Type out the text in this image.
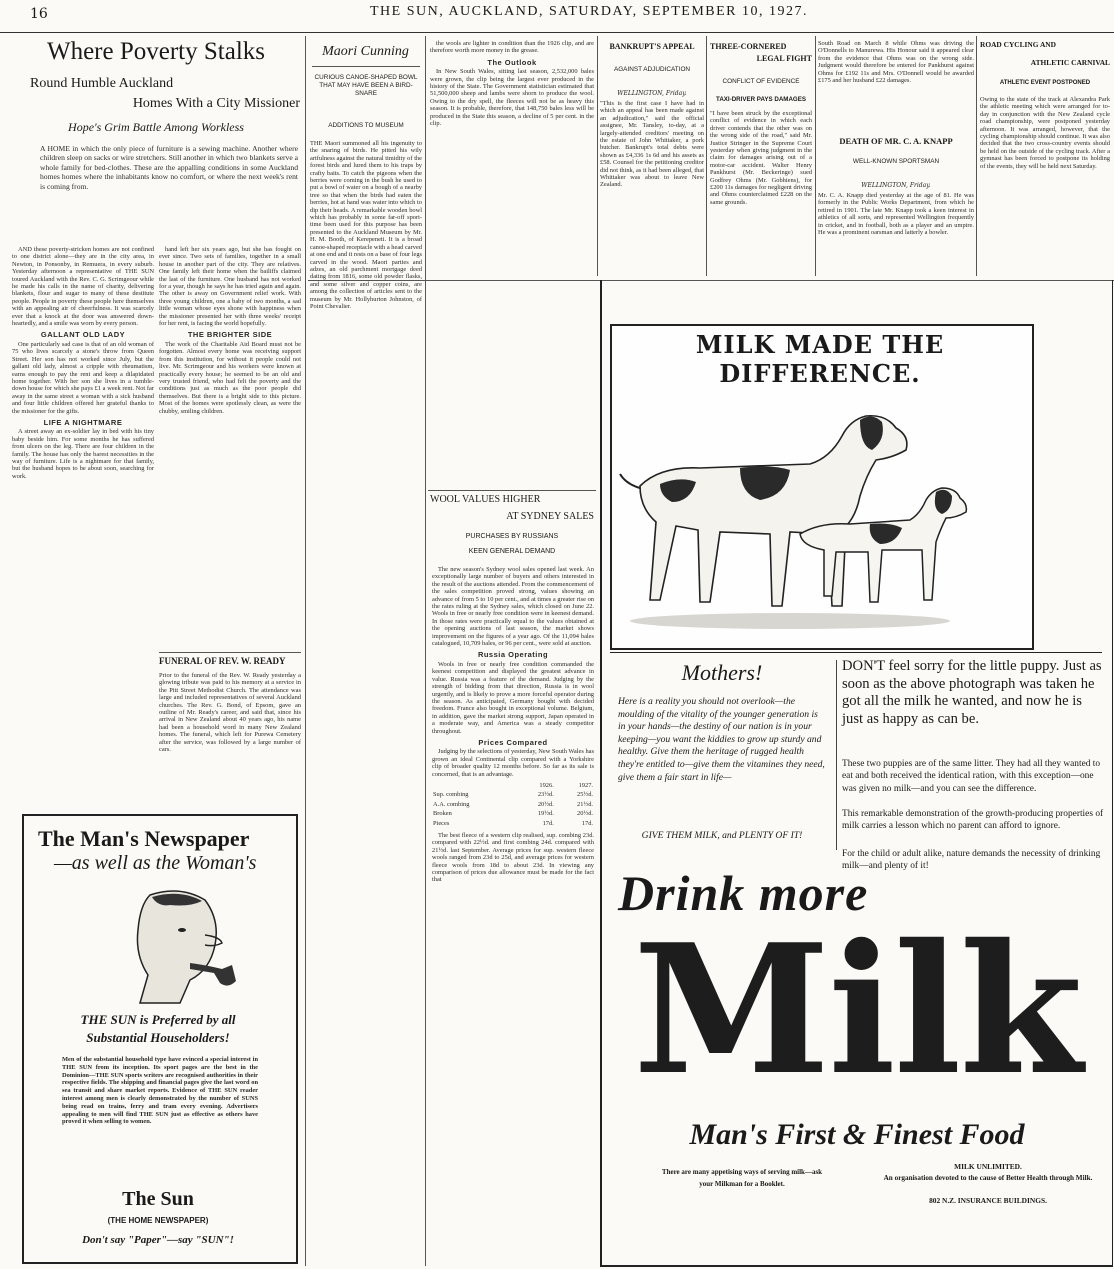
16	THE SUN, AUCKLAND, SATURDAY, SEPTEMBER 10, 1927.
Where Poverty Stalks
Round Humble Auckland
Homes With a City Missioner
Hope's Grim Battle Among Workless
A HOME in which the only piece of furniture is a sewing machine. Another where children sleep on sacks or wire stretchers. Still another in which two blankets serve a whole family for bed-clothes. These are the appalling conditions in some Auckland homes homes where the inhabitants know no comfort, or where the next week's rent is coming from.

AND these poverty-stricken homes are not confined to one district alone—they are in the city area, in Newton, in Ponsonby, in Remuera, in every suburb. Yesterday afternoon a representative of THE SUN toured Auckland with the Rev. C. G. Scrimgeour while he made his calls in the name of charity, delivering blankets, flour and sugar to many of these destitute people. People in poverty these people here themselves with an appealing air of cheerfulness. It was scarcely ever that a knock at the door was answered down-heartedly, and a smile was worn by every person.

GALLANT OLD LADY

One particularly sad case is that of an old woman of 75 who lives scarcely a stone's throw from Queen Street. Her son has not worked since July, but the gallant old lady, almost a cripple with rheumatism, earns enough to pay the rent and keep a dilapidated home together. With her son she lives in a tumble-down house for which she pays £1 a week rent. Not far away in the same street a woman with a sick husband and four little children offered her grateful thanks to the missioner for the gifts.

LIFE A NIGHTMARE

A street away an ex-soldier lay in bed with his tiny baby beside him. For some months he has suffered from ulcers on the leg. There are four children in the family. The house has only the barest necessities in the way of furniture. Life is a nightmare for that family, but the husband hopes to be about soon, searching for work.

hand left her six years ago, but she has fought on ever since. Two sets of families, together in a small house in another part of the city. They are relatives. One family left their home when the bailiffs claimed the last of the furniture. One husband has not worked for a year, though he says he has tried again and again. The other is away on Government relief work. With three young children, one a baby of two months, a sad little woman whose eyes shone with happiness when the missioner presented her with three weeks' receipt for her rent, is facing the world hopefully.

THE BRIGHTER SIDE

The work of the Charitable Aid Board must not be forgotten. Almost every home was receiving support from this institution, for without it people could not live. Mr. Scrimgeour and his workers were known at practically every house; he seemed to be an old and very trusted friend, who had felt the poverty and the conditions just as much as the poor people did themselves. But there is a bright side to this picture. Most of the homes were spotlessly clean, as were the chubby, smiling children.

FUNERAL OF REV. W. READY
Prior to the funeral of the Rev. W. Ready yesterday a glowing tribute was paid to his memory at a service in the Pitt Street Methodist Church. The attendance was large and included representatives of several Auckland churches. The Rev. G. Bond, of Epsom, gave an outline of Mr. Ready's career, and said that, since his arrival in New Zealand about 40 years ago, his name had been a household word in many New Zealand homes. The funeral, which left for Purewa Cemetery after the service, was followed by a large number of cars.
The Man's Newspaper
—as well as the Woman's
THE SUN is Preferred by all
Substantial Householders!
Men of the substantial household type have evinced a special interest in THE SUN from its inception. Its sport pages are the best in the Dominion—THE SUN sports writers are recognised authorities in their respective fields. The shipping and financial pages give the last word on sea transit and share market reports. Evidence of THE SUN reader interest among men is clearly demonstrated by the number of SUNS being read on trains, ferry and tram every evening. Advertisers appealing to men will find THE SUN just as effective as others have proved it when selling to women.
The Sun
(THE HOME NEWSPAPER)
Don't say "Paper"—say "SUN"!
Maori Cunning
CURIOUS CANOE-SHAPED BOWL THAT MAY HAVE BEEN A BIRD-SNARE
ADDITIONS TO MUSEUM
THE Maori summoned all his ingenuity to the snaring of birds. He pitted his wily artfulness against the natural timidity of the forest birds and lured them to his traps by crafty baits. To catch the pigeons when the berries were coming in the bush he used to put a bowl of water on a bough of a nearby tree so that when the birds had eaten the berries, hot at hand was water into which to dip their heads. A remarkable wooden bowl which has probably in some far-off sport-time been used for this purpose has been presented to the Auckland Museum by Mr. H. M. Booth, of Kerepeneti. It is a broad canoe-shaped receptacle with a head carved at one end and it rests on a base of four legs carved in the wood. Maori parties and adzes, an old parchment mortgage deed dating from 1816, some old powder flasks, and some silver and copper coins, are among the collection of articles sent to the museum by Mr. Hollyhurton Johnston, of Point Chevalier.

the wools are lighter in condition than the 1926 clip, and are therefore worth more money in the grease.

The Outlook

In New South Wales, sitting last season, 2,532,000 bales were grown, the clip being the largest ever produced in the history of the State. The Government statistician estimated that 51,500,000 sheep and lambs were shorn to produce the wool. Owing to the dry spell, the fleeces will not be as heavy this season. It is probable, therefore, that 148,750 bales less will be produced in the State this season, a decline of 5 per cent. in the clip.

BANKRUPT'S APPEAL
AGAINST ADJUDICATION
WELLINGTON, Friday.
"This is the first case I have had in which an appeal has been made against an adjudication," said the official assignee, Mr. Tansley, to-day, at a largely-attended creditors' meeting on the estate of John Whittaker, a pork butcher. Bankrupt's total debts were shown as £4,336 1s 6d and his assets as £58. Counsel for the petitioning creditor did not think, as it had been alleged, that Whittaker was about to leave New Zealand.
THREE-CORNERED
LEGAL FIGHT
CONFLICT OF EVIDENCE
TAXI-DRIVER PAYS DAMAGES
"I have been struck by the exceptional conflict of evidence in which each driver contends that the other was on the wrong side of the road," said Mr. Justice Stringer in the Supreme Court yesterday when giving judgment in the claim for damages arising out of a motor-car accident. Walter Henry Pankhurst (Mr. Beckeringe) sued Godfrey Ohms (Mr. Gobhiens), for £200 11s damages for negligent driving and Ohms counterclaimed £228 on the same grounds.
South Road on March 8 while Ohms was driving the O'Donnells to Manurewa. His Honour said it appeared clear from the evidence that Ohms was on the wrong side. Judgment would therefore be entered for Pankhurst against Ohms for £192 11s and Mrs. O'Donnell would be awarded £175 and her husband £22 damages.
DEATH OF MR. C. A. KNAPP
WELL-KNOWN SPORTSMAN
WELLINGTON, Friday.
Mr. C. A. Knapp died yesterday at the age of 81. He was formerly in the Public Works Department, from which he retired in 1901. The late Mr. Knapp took a keen interest in athletics of all sorts, and represented Wellington frequently in cricket, and in football, both as a player and an umpire. He was a prominent oarsman and latterly a bowler.
ROAD CYCLING AND
ATHLETIC CARNIVAL
ATHLETIC EVENT POSTPONED
Owing to the state of the track at Alexandra Park the athletic meeting which were arranged for to-day in conjunction with the New Zealand cycle road championship, were postponed yesterday afternoon. It was arranged, however, that the cycling championship should continue. It was also decided that the two cross-country events should be held on the outside of the cycling track. After a gymnast has been forced to postpone its holding of the events, they will be held next Saturday.
WOOL VALUES HIGHER
AT SYDNEY SALES
PURCHASES BY RUSSIANS
KEEN GENERAL DEMAND

The new season's Sydney wool sales opened last week. An exceptionally large number of buyers and others interested in the result of the auctions attended. From the commencement of the sales competition proved strong, values showing an advance of from 5 to 10 per cent., and at times a greater rise on the rates ruling at the Sydney sales, which closed on June 22. Wools in free or nearly free condition were in keenest demand. In those rates were practically equal to the values obtained at the opening auctions of last season, the market shows improvement on the figures of a year ago. Of the 11,094 bales catalogued, 10,709 bales, or 96 per cent., were sold at auction.

Russia Operating

Wools in free or nearly free condition commanded the keenest competition and displayed the greatest advance in value. Russia was a feature of the demand. Judging by the strength of bidding from that direction, Russia is in wool urgently, and is likely to prove a more forceful operator during the season. As anticipated, Germany bought with decided freedom. France also bought in exceptional volume. Belgium, in addition, gave the market strong support, Japan operated in a moderate way, and America was a steady competitor throughout.

Prices Compared

Judging by the selections of yesterday, New South Wales has grown an ideal Continental clip compared with a Yorkshire clip of broader quality 12 months before. So far as its sale is concerned, that is an advantage.

	1926.	1927.
Sup. combing	23½d.	25½d.
A.A. combing	20½d.	21½d.
Broken	19½d.	20½d.
Pieces	17d.	17d.

The best fleece of a western clip realised, sup. combing 23d. compared with 22½d. and first combing 24d. compared with 21½d. last September. Average prices for sup. western fleece wools ranged from 23d to 25d, and average prices for western fleece wools from 18d to about 23d. In viewing any comparison of prices due allowance must be made for the fact that

MILK MADE THE DIFFERENCE.
Mothers!
Here is a reality you should not overlook—the moulding of the vitality of the younger generation is in your hands—the destiny of our nation is in your keeping—you want the kiddies to grow up sturdy and healthy. Give them the heritage of rugged health they're entitled to—give them the vitamines they need, give them a fair start in life—
GIVE THEM MILK, and PLENTY OF IT!
DON'T feel sorry for the little puppy. Just as soon as the above photograph was taken he got all the milk he wanted, and now he is just as happy as can be.
These two puppies are of the same litter. They had all they wanted to eat and both received the identical ration, with this exception—one was given no milk—and you can see the difference.
This remarkable demonstration of the growth-producing properties of milk carries a lesson which no parent can afford to ignore.
For the child or adult alike, nature demands the necessity of drinking milk—and plenty of it!
Drink more
Milk
Man's First & Finest Food
There are many appetising ways of serving milk—ask
your Milkman for a Booklet.
MILK UNLIMITED.
An organisation devoted to the cause of Better Health through Milk.
802 N.Z. INSURANCE BUILDINGS.
